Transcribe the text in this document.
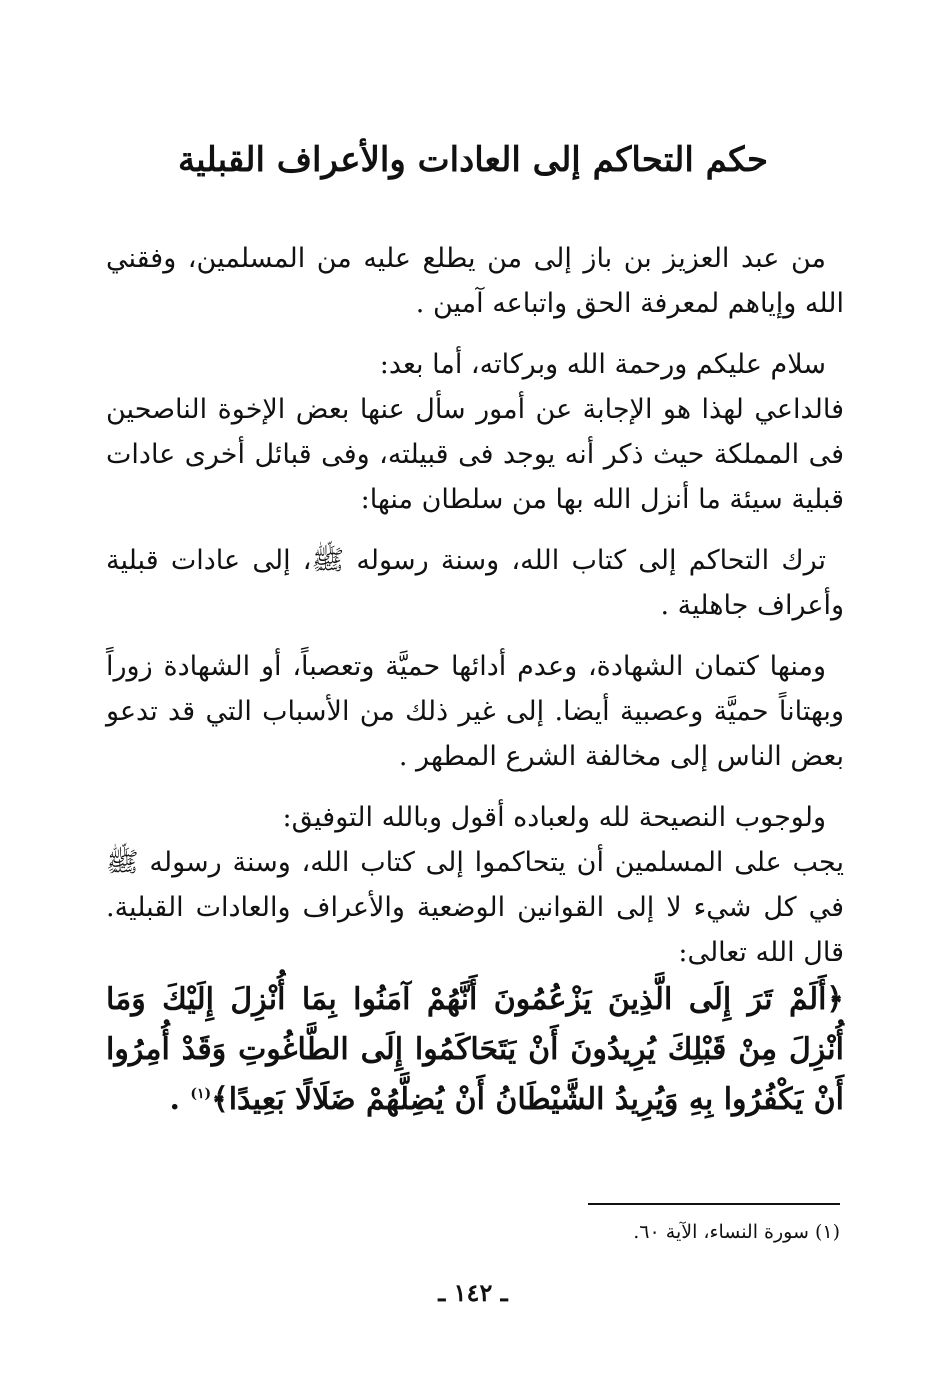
حكم التحاكم إلى العادات والأعراف القبلية

من عبد العزيز بن باز إلى من يطلع عليه من المسلمين، وفقني الله وإياهم لمعرفة الحق واتباعه آمين .

سلام عليكم ورحمة الله وبركاته، أما بعد:

فالداعي لهذا هو الإجابة عن أمور سأل عنها بعض الإخوة الناصحين فى المملكة حيث ذكر أنه يوجد فى قبيلته، وفى قبائل أخرى عادات قبلية سيئة ما أنزل الله بها من سلطان منها:

ترك التحاكم إلى كتاب الله، وسنة رسوله ﷺ، إلى عادات قبلية وأعراف جاهلية .

ومنها كتمان الشهادة، وعدم أدائها حميَّة وتعصباً، أو الشهادة زوراً وبهتاناً حميَّة وعصبية أيضا. إلى غير ذلك من الأسباب التي قد تدعو بعض الناس إلى مخالفة الشرع المطهر .

ولوجوب النصيحة لله ولعباده أقول وبالله التوفيق:

يجب على المسلمين أن يتحاكموا إلى كتاب الله، وسنة رسوله ﷺ في كل شيء لا إلى القوانين الوضعية والأعراف والعادات القبلية. قال الله تعالى:

﴿أَلَمْ تَرَ إِلَى الَّذِينَ يَزْعُمُونَ أَنَّهُمْ آمَنُوا بِمَا أُنْزِلَ إِلَيْكَ وَمَا أُنْزِلَ مِنْ قَبْلِكَ يُرِيدُونَ أَنْ يَتَحَاكَمُوا إِلَى الطَّاغُوتِ وَقَدْ أُمِرُوا أَنْ يَكْفُرُوا بِهِ وَيُرِيدُ الشَّيْطَانُ أَنْ يُضِلَّهُمْ ضَلَالًا بَعِيدًا﴾$^{(١)}$ .

(١) سورة النساء، الآية ٦٠.
ـ ١٤٢ ـ
